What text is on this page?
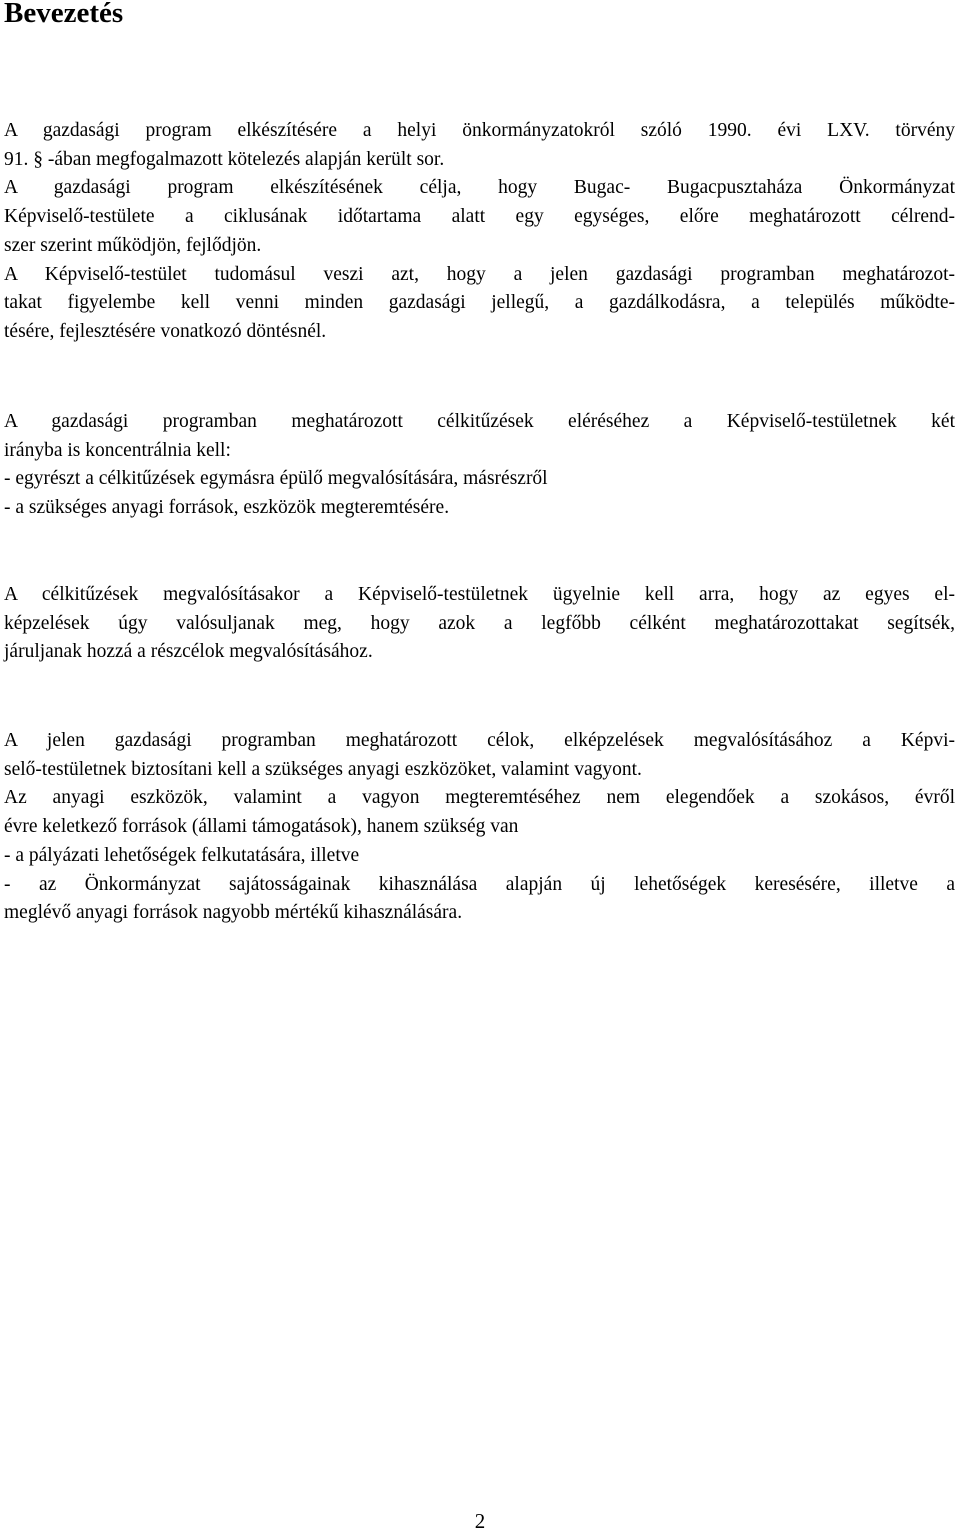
Bevezetés
A gazdasági program elkészítésére a helyi önkormányzatokról szóló 1990. évi LXV. törvény
91. § -ában megfogalmazott kötelezés alapján került sor.
A gazdasági program elkészítésének célja, hogy Bugac- Bugacpusztaháza Önkormányzat
Képviselő-testülete a ciklusának időtartama alatt egy egységes, előre meghatározott célrend-
szer szerint működjön, fejlődjön.
A Képviselő-testület tudomásul veszi azt, hogy a jelen gazdasági programban meghatározot-
takat figyelembe kell venni minden gazdasági jellegű, a gazdálkodásra, a település működte-
tésére, fejlesztésére vonatkozó döntésnél.
A gazdasági programban meghatározott célkitűzések eléréséhez a Képviselő-testületnek két
irányba is koncentrálnia kell:
- egyrészt a célkitűzések egymásra épülő megvalósítására, másrészről
- a szükséges anyagi források, eszközök megteremtésére.
A célkitűzések megvalósításakor a Képviselő-testületnek ügyelnie kell arra, hogy az egyes el-
képzelések úgy valósuljanak meg, hogy azok a legfőbb célként meghatározottakat segítsék,
járuljanak hozzá a részcélok megvalósításához.
A jelen gazdasági programban meghatározott célok, elképzelések megvalósításához a Képvi-
selő-testületnek biztosítani kell a szükséges anyagi eszközöket, valamint vagyont.
Az anyagi eszközök, valamint a vagyon megteremtéséhez nem elegendőek a szokásos, évről
évre keletkező források (állami támogatások), hanem szükség van
- a pályázati lehetőségek felkutatására, illetve
- az Önkormányzat sajátosságainak kihasználása alapján új lehetőségek keresésére, illetve a
meglévő anyagi források nagyobb mértékű kihasználására.
2
